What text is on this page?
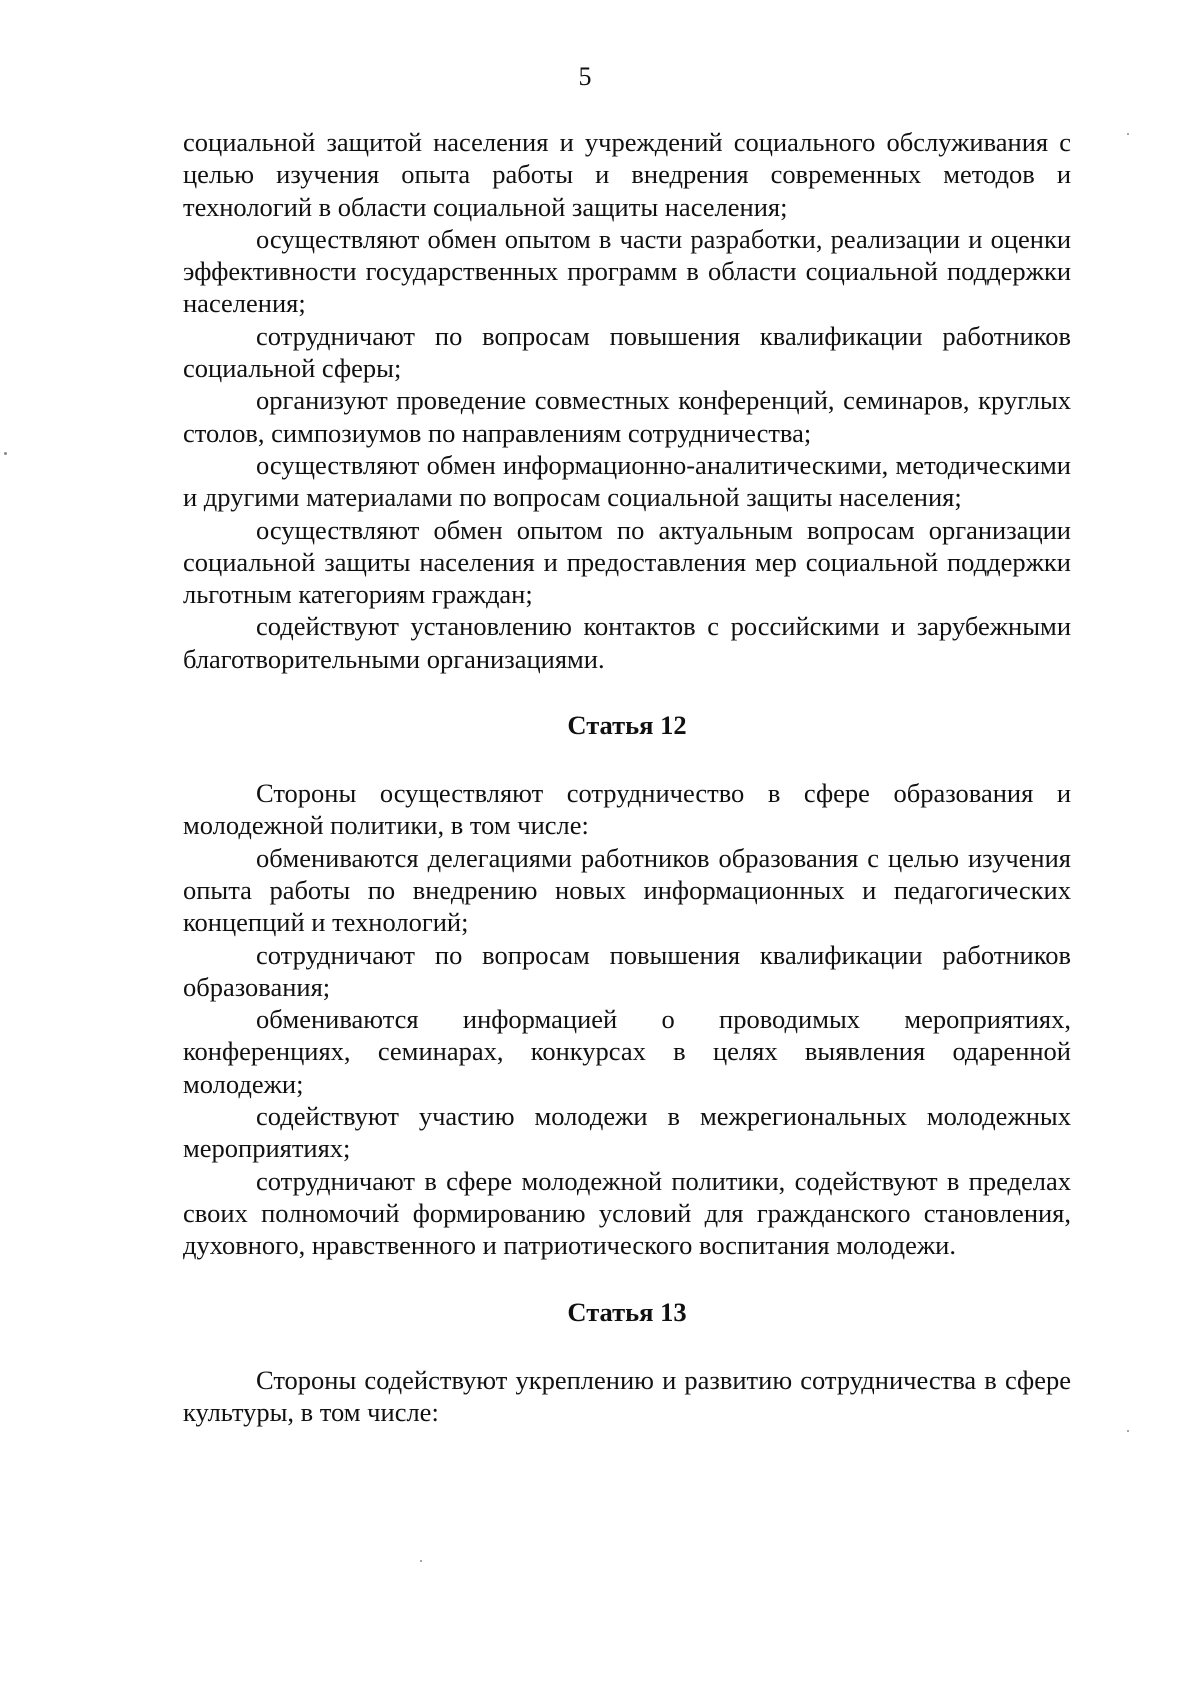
5

социальной защитой населения и учреждений социального обслуживания с целью изучения опыта работы и внедрения современных методов и технологий в области социальной защиты населения;

осуществляют обмен опытом в части разработки, реализации и оценки эффективности государственных программ в области социальной поддержки населения;

сотрудничают по вопросам повышения квалификации работников социальной сферы;

организуют проведение совместных конференций, семинаров, круглых столов, симпозиумов по направлениям сотрудничества;

осуществляют обмен информационно-аналитическими, методическими и другими материалами по вопросам социальной защиты населения;

осуществляют обмен опытом по актуальным вопросам организации социальной защиты населения и предоставления мер социальной поддержки льготным категориям граждан;

содействуют установлению контактов с российскими и зарубежными благотворительными организациями.

Статья 12

Стороны осуществляют сотрудничество в сфере образования и молодежной политики, в том числе:

обмениваются делегациями работников образования с целью изучения опыта работы по внедрению новых информационных и педагогических концепций и технологий;

сотрудничают по вопросам повышения квалификации работников образования;

обмениваются информацией о проводимых мероприятиях, конференциях, семинарах, конкурсах в целях выявления одаренной молодежи;

содействуют участию молодежи в межрегиональных молодежных мероприятиях;

сотрудничают в сфере молодежной политики, содействуют в пределах своих полномочий формированию условий для гражданского становления, духовного, нравственного и патриотического воспитания молодежи.

Статья 13

Стороны содействуют укреплению и развитию сотрудничества в сфере культуры, в том числе:
